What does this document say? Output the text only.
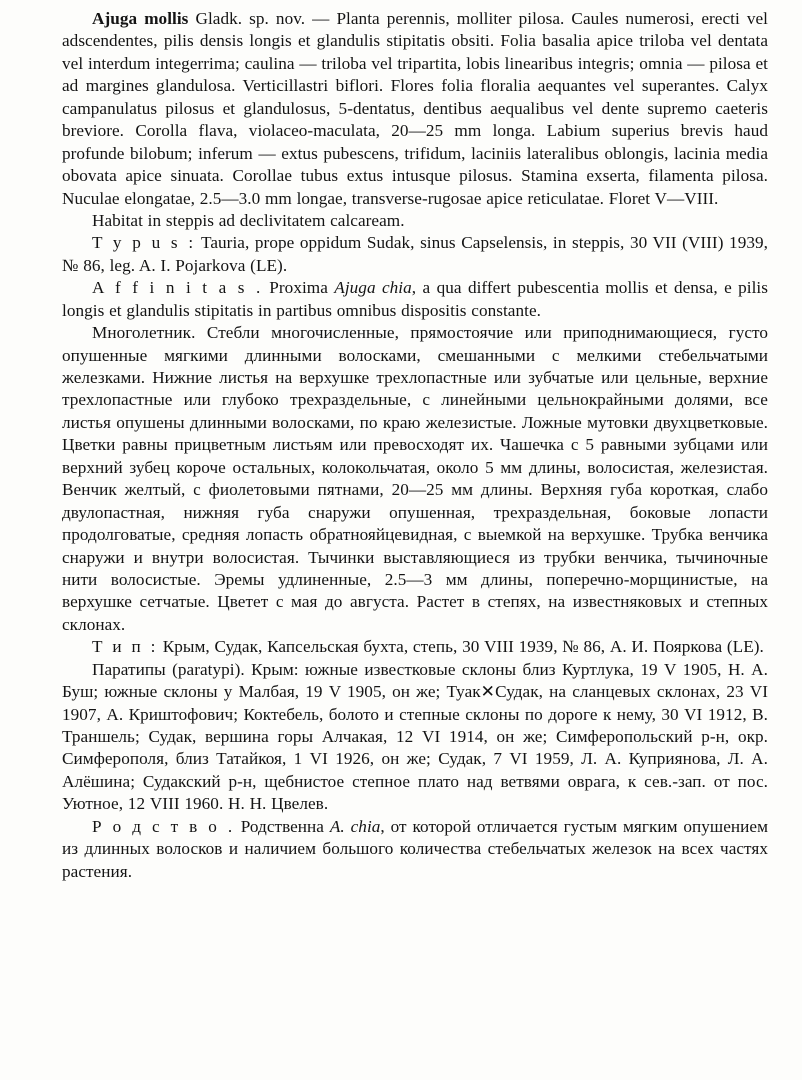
Ajuga mollis Gladk. sp. nov. — Planta perennis, molliter pilosa. Caules numerosi, erecti vel adscendentes, pilis densis longis et glandulis stipitatis obsiti. Folia basalia apice triloba vel dentata vel interdum integerrima; caulina — triloba vel tripartita, lobis linearibus integris; omnia — pilosa et ad margines glandulosa. Verticillastri biflori. Flores folia floralia aequantes vel superantes. Calyx campanulatus pilosus et glandulosus, 5-dentatus, dentibus aequalibus vel dente supremo caeteris breviore. Corolla flava, violaceo-maculata, 20—25 mm longa. Labium superius brevis haud profunde bilobum; inferum — extus pubescens, trifidum, laciniis lateralibus oblongis, lacinia media obovata apice sinuata. Corollae tubus extus intusque pilosus. Stamina exserta, filamenta pilosa. Nuculae elongatae, 2.5—3.0 mm longae, transverse-rugosae apice reticulatae. Floret V—VIII.
Habitat in steppis ad declivitatem calcaream.
T y p u s : Tauria, prope oppidum Sudak, sinus Capselensis, in steppis, 30 VII (VIII) 1939, № 86, leg. A. I. Pojarkova (LE).
A f f i n i t a s . Proxima Ajuga chia, a qua differt pubescentia mollis et densa, e pilis longis et glandulis stipitatis in partibus omnibus dispositis constante.
Многолетник. Стебли многочисленные, прямостоячие или приподнимающиеся, густо опушенные мягкими длинными волосками, смешанными с мелкими стебельчатыми железками. Нижние листья на верхушке трехлопастные или зубчатые или цельные, верхние трехлопастные или глубоко трехраздельные, с линейными цельнокрайными долями, все листья опушены длинными волосками, по краю железистые. Ложные мутовки двухцветковые. Цветки равны прицветным листьям или превосходят их. Чашечка с 5 равными зубцами или верхний зубец короче остальных, колокольчатая, около 5 мм длины, волосистая, железистая. Венчик желтый, с фиолетовыми пятнами, 20—25 мм длины. Верхняя губа короткая, слабо двулопастная, нижняя губа снаружи опушенная, трехраздельная, боковые лопасти продолговатые, средняя лопасть обратнояйцевидная, с выемкой на верхушке. Трубка венчика снаружи и внутри волосистая. Тычинки выставляющиеся из трубки венчика, тычиночные нити волосистые. Эремы удлиненные, 2.5—3 мм длины, поперечно-морщинистые, на верхушке сетчатые. Цветет с мая до августа. Растет в степях, на известняковых и степных склонах.
Т и п : Крым, Судак, Капсельская бухта, степь, 30 VIII 1939, № 86, А. И. Пояркова (LE).
Паратипы (paratypi). Крым: южные известковые склоны близ Куртлука, 19 V 1905, Н. А. Буш; южные склоны у Малбая, 19 V 1905, он же; Туак✕Судак, на сланцевых склонах, 23 VI 1907, А. Криштофович; Коктебель, болото и степные склоны по дороге к нему, 30 VI 1912, В. Траншель; Судак, вершина горы Алчакая, 12 VI 1914, он же; Симферопольский р-н, окр. Симферополя, близ Татайкоя, 1 VI 1926, он же; Судак, 7 VI 1959, Л. А. Куприянова, Л. А. Алёшина; Судакский р-н, щебнистое степное плато над ветвями оврага, к сев.-зап. от пос. Уютное, 12 VIII 1960. Н. Н. Цвелев.
Р о д с т в о . Родственна A. chia, от которой отличается густым мягким опушением из длинных волосков и наличием большого количества стебельчатых железок на всех частях растения.
